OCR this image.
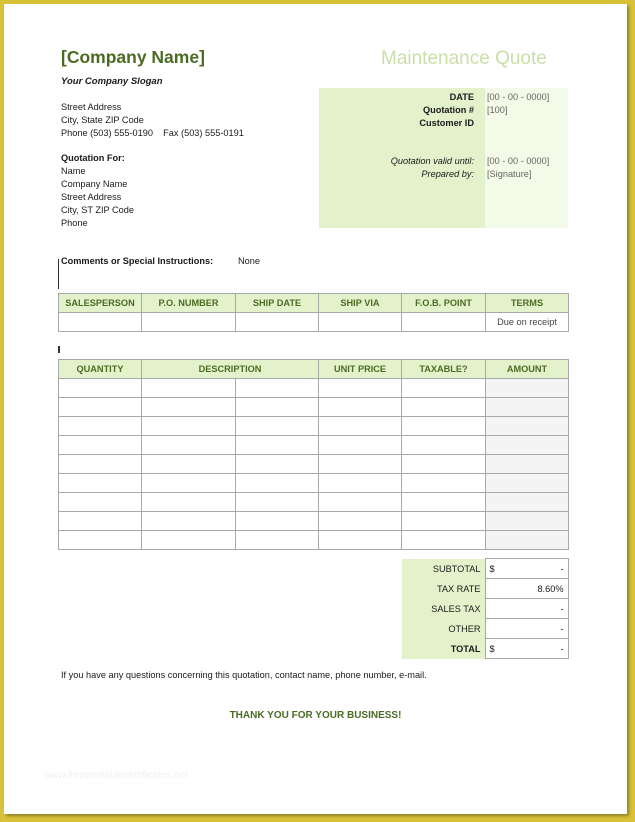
[Company Name]	Maintenance Quote
Your Company Slogan
Street Address
City, State ZIP Code
Phone (503) 555-0190    Fax (503) 555-0191
Quotation For:
Name
Company Name
Street Address
City, ST ZIP Code
Phone
DATE [00 - 00 - 0000]
Quotation # [100]
Customer ID
Quotation valid until: [00 - 00 - 0000]
Prepared by: [Signature]
Comments or Special Instructions:	None
SALESPERSON	P.O. NUMBER	SHIP DATE	SHIP VIA	F.O.B. POINT	TERMS
					Due on receipt
QUANTITY	DESCRIPTION		UNIT PRICE	TAXABLE?	AMOUNT

SUBTOTAL	$ -
TAX RATE	8.60%
SALES TAX	-
OTHER	-
TOTAL	$ -
If you have any questions concerning this quotation, contact name, phone number, e-mail.
THANK YOU FOR YOUR BUSINESS!
www.freeprintablecertificates.net
